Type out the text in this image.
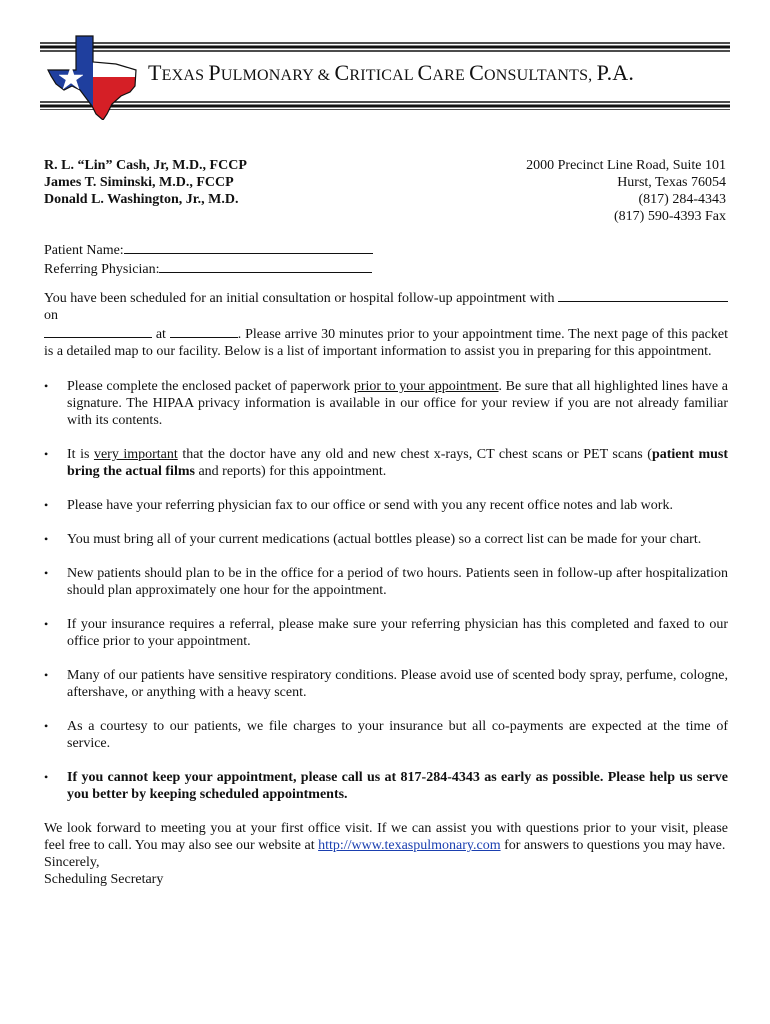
TEXAS PULMONARY & CRITICAL CARE CONSULTANTS, P.A.
R. L. “Lin” Cash, Jr, M.D., FCCP
James T. Siminski, M.D., FCCP
Donald L. Washington, Jr., M.D.
2000 Precinct Line Road, Suite 101
Hurst, Texas 76054
(817) 284-4343
(817) 590-4393 Fax
Patient Name:
Referring Physician:

You have been scheduled for an initial consultation or hospital follow-up appointment with  on
at	. Please arrive 30 minutes prior to your appointment time. The next page of this packet is a detailed map to our facility. Below is a list of important information to assist you in preparing for this appointment.

• Please complete the enclosed packet of paperwork prior to your appointment. Be sure that all highlighted lines have a signature. The HIPAA privacy information is available in our office for your review if you are not already familiar with its contents.
• It is very important that the doctor have any old and new chest x-rays, CT chest scans or PET scans (patient must bring the actual films and reports) for this appointment.
• Please have your referring physician fax to our office or send with you any recent office notes and lab work.
• You must bring all of your current medications (actual bottles please) so a correct list can be made for your chart.
• New patients should plan to be in the office for a period of two hours. Patients seen in follow-up after hospitalization should plan approximately one hour for the appointment.
• If your insurance requires a referral, please make sure your referring physician has this completed and faxed to our office prior to your appointment.
• Many of our patients have sensitive respiratory conditions. Please avoid use of scented body spray, perfume, cologne, aftershave, or anything with a heavy scent.
• As a courtesy to our patients, we file charges to your insurance but all co-payments are expected at the time of service.
• If you cannot keep your appointment, please call us at 817-284-4343 as early as possible. Please help us serve you better by keeping scheduled appointments.

We look forward to meeting you at your first office visit. If we can assist you with questions prior to your visit, please feel free to call. You may also see our website at http://www.texaspulmonary.com for answers to questions you may have.

Sincerely,

Scheduling Secretary
